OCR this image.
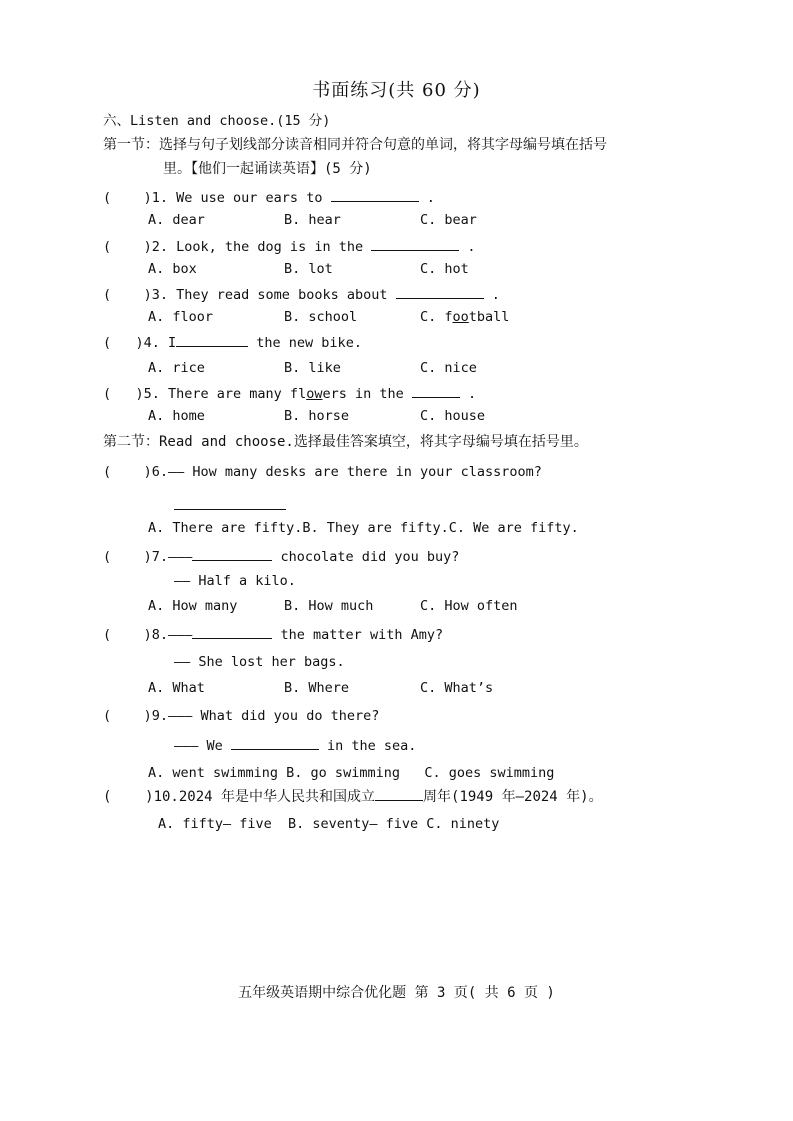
书面练习(共 60 分)
六、Listen and choose.(15 分)
第一节：选择与句子划线部分读音相同并符合句意的单词，将其字母编号填在括号
里。【他们一起诵读英语】(5 分)
(    )1. We use our ears to	.
A. dear	B. hear	C. bear
(    )2. Look, the dog is in the	.
A. box	B. lot	C. hot
(    )3. They read some books about	.
A. floor	B. school	C. football
(   )4. I	the new bike.
A. rice	B. like	C. nice
(   )5. There are many flowers in the	.
A. home	B. horse	C. house
第二节：Read and choose.选择最佳答案填空，将其字母编号填在括号里。
(    )6.—— How many desks are there in your classroom?
A. There are fifty.B. They are fifty.C. We are fifty.
(    )7.———	chocolate did you buy?
—— Half a kilo.
A. How many	B. How much	C. How often
(    )8.———	the matter with Amy?
—— She lost her bags.
A. What	B. Where	C. What’s
(    )9.——— What did you do there?
——— We	in the sea.
A. went swimming B. go swimming   C. goes swimming
(    )10.2024 年是中华人民共和国成立	周年(1949 年—2024 年)。
A. fifty— five  B. seventy— five C. ninety
五年级英语期中综合优化题 第 3 页( 共 6 页 )
